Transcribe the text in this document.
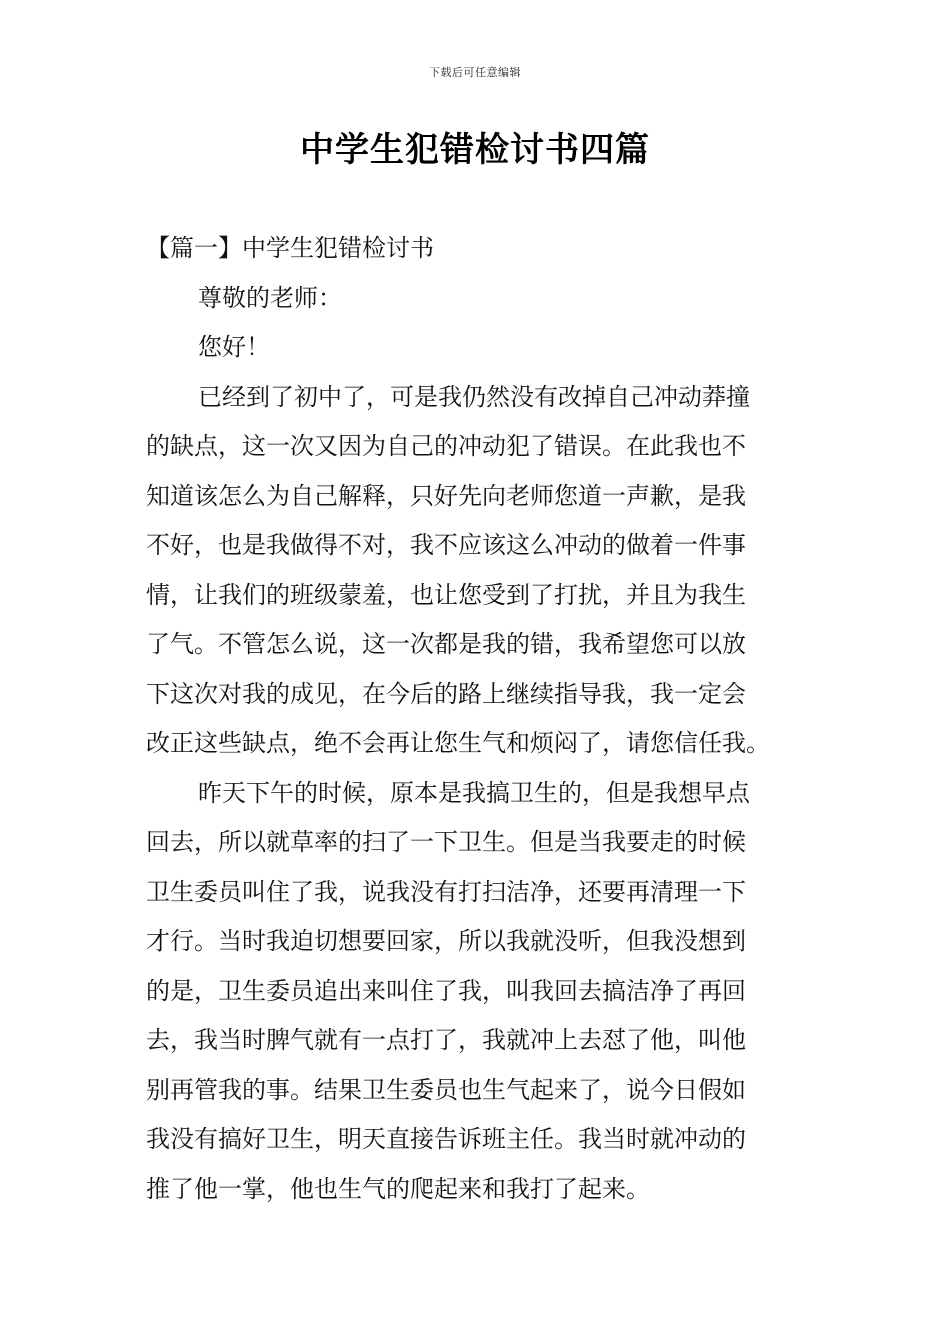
下载后可任意编辑
中学生犯错检讨书四篇
【篇一】中学生犯错检讨书

尊敬的老师：

您好！

已经到了初中了，可是我仍然没有改掉自己冲动莽撞
的缺点，这一次又因为自己的冲动犯了错误。在此我也不
知道该怎么为自己解释，只好先向老师您道一声歉，是我
不好，也是我做得不对，我不应该这么冲动的做着一件事
情，让我们的班级蒙羞，也让您受到了打扰，并且为我生
了气。不管怎么说，这一次都是我的错，我希望您可以放
下这次对我的成见，在今后的路上继续指导我，我一定会
改正这些缺点，绝不会再让您生气和烦闷了，请您信任我。
昨天下午的时候，原本是我搞卫生的，但是我想早点
回去，所以就草率的扫了一下卫生。但是当我要走的时候
卫生委员叫住了我，说我没有打扫洁净，还要再清理一下
才行。当时我迫切想要回家，所以我就没听，但我没想到
的是，卫生委员追出来叫住了我，叫我回去搞洁净了再回
去，我当时脾气就有一点打了，我就冲上去怼了他，叫他
别再管我的事。结果卫生委员也生气起来了，说今日假如
我没有搞好卫生，明天直接告诉班主任。我当时就冲动的
推了他一掌，他也生气的爬起来和我打了起来。
